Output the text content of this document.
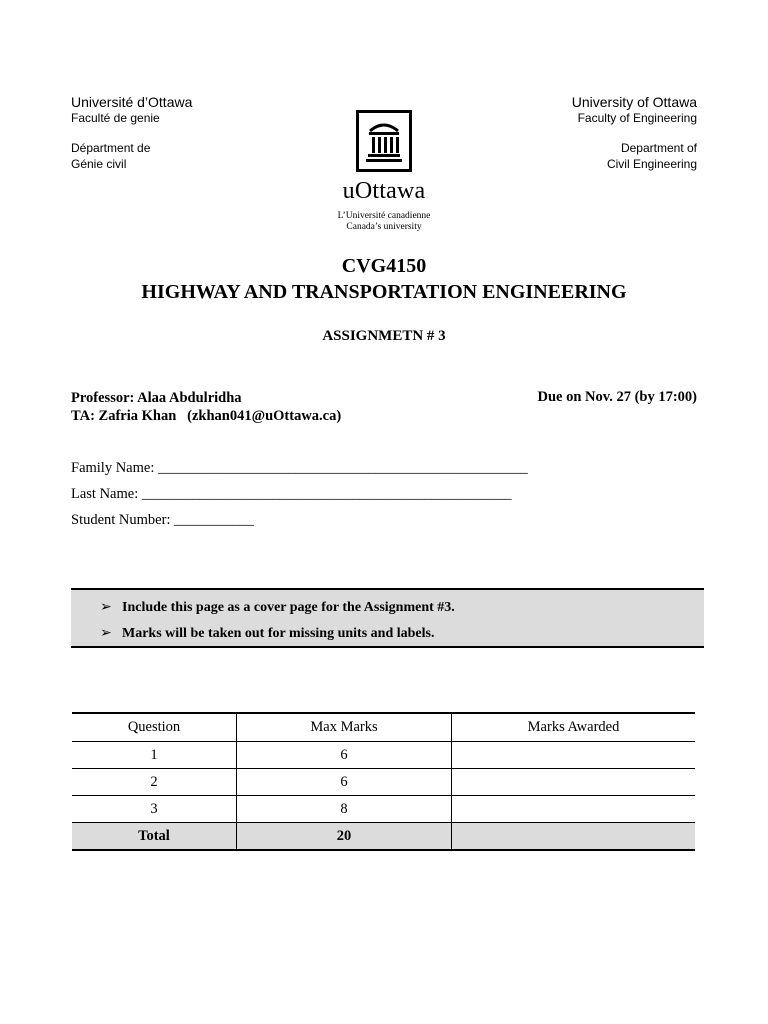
Université d’Ottawa
Faculté de genie
Départment de
Génie civil
University of Ottawa
Faculty of Engineering
Department of
Civil Engineering
uOttawa
L’Université canadienne
Canada’s university
CVG4150
HIGHWAY AND TRANSPORTATION ENGINEERING
ASSIGNMETN # 3
Professor: Alaa Abdulridha
TA: Zafria Khan   (zkhan041@uOttawa.ca)
Due on Nov. 27 (by 17:00)
Family Name: ___________________________________________________
Last Name: ___________________________________________________
Student Number: ___________
➢ Include this page as a cover page for the Assignment #3.
➢ Marks will be taken out for missing units and labels.
Question	Max Marks	Marks Awarded
1	6	
2	6	
3	8	
Total	20	
